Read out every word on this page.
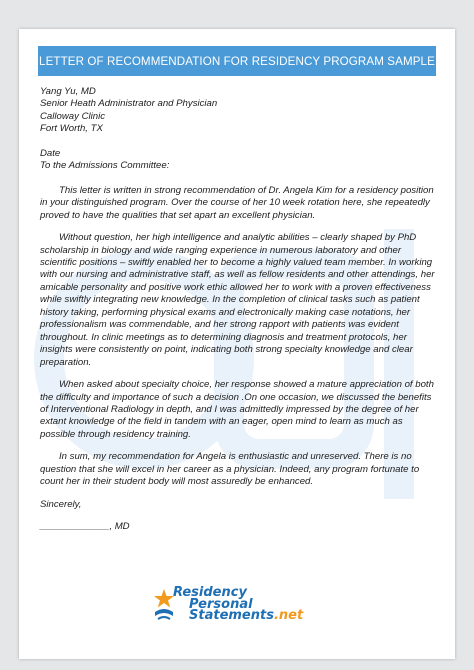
LETTER OF RECOMMENDATION FOR RESIDENCY PROGRAM SAMPLE
Yang Yu, MD
Senior Heath Administrator and Physician
Calloway Clinic
Fort Worth, TX
Date
To the Admissions Committee:
This letter is written in strong recommendation of Dr. Angela Kim for a residency position
in your distinguished program. Over the course of her 10 week rotation here, she repeatedly
proved to have the qualities that set apart an excellent physician.
Without question, her high intelligence and analytic abilities – clearly shaped by PhD
scholarship in biology and wide ranging experience in numerous laboratory and other
scientific positions – swiftly enabled her to become a highly valued team member. In working
with our nursing and administrative staff, as well as fellow residents and other attendings, her
amicable personality and positive work ethic allowed her to work with a proven effectiveness
while swiftly integrating new knowledge. In the completion of clinical tasks such as patient
history taking, performing physical exams and electronically making case notations, her
professionalism was commendable, and her strong rapport with patients was evident
throughout. In clinic meetings as to determining diagnosis and treatment protocols, her
insights were consistently on point, indicating both strong specialty knowledge and clear
preparation.
When asked about specialty choice, her response showed a mature appreciation of both
the difficulty and importance of such a decision .On one occasion, we discussed the benefits
of Interventional Radiology in depth, and I was admittedly impressed by the degree of her
extant knowledge of the field in tandem with an eager, open mind to learn as much as
possible through residency training.
In sum, my recommendation for Angela is enthusiastic and unreserved. There is no
question that she will excel in her career as a physician. Indeed, any program fortunate to
count her in their student body will most assuredly be enhanced.
Sincerely,
_____________, MD
Residency
Personal
Statements.net
